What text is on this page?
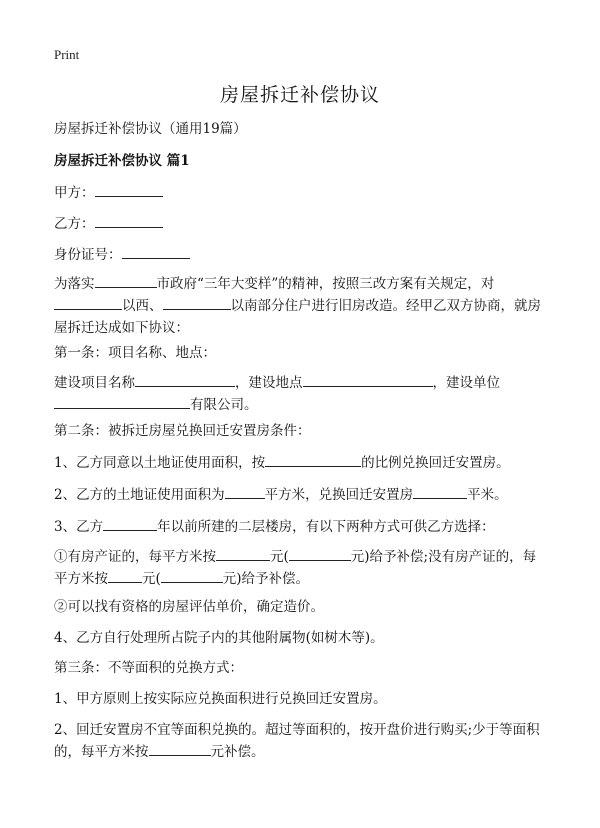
Print
房屋拆迁补偿协议
房屋拆迁补偿协议（通用19篇）
房屋拆迁补偿协议 篇1
甲方：
乙方：
身份证号：
为落实	市政府“三年大变样”的精神，按照三改方案有关规定，对以西、	以南部分住户进行旧房改造。经甲乙双方协商，就房屋拆迁达成如下协议：
第一条：项目名称、地点：
建设项目名称	，建设地点	，建设单位有限公司。
第二条：被拆迁房屋兑换回迁安置房条件：
1、乙方同意以土地证使用面积，按	的比例兑换回迁安置房。
2、乙方的土地证使用面积为	平方米，兑换回迁安置房	平米。
3、乙方	年以前所建的二层楼房，有以下两种方式可供乙方选择：
①有房产证的，每平方米按	元(	元)给予补偿;没有房产证的，每平方米按	元(	元)给予补偿。
②可以找有资格的房屋评估单价，确定造价。
4、乙方自行处理所占院子内的其他附属物(如树木等)。
第三条：不等面积的兑换方式：
1、甲方原则上按实际应兑换面积进行兑换回迁安置房。
2、回迁安置房不宜等面积兑换的。超过等面积的，按开盘价进行购买;少于等面积的，每平方米按	元补偿。
